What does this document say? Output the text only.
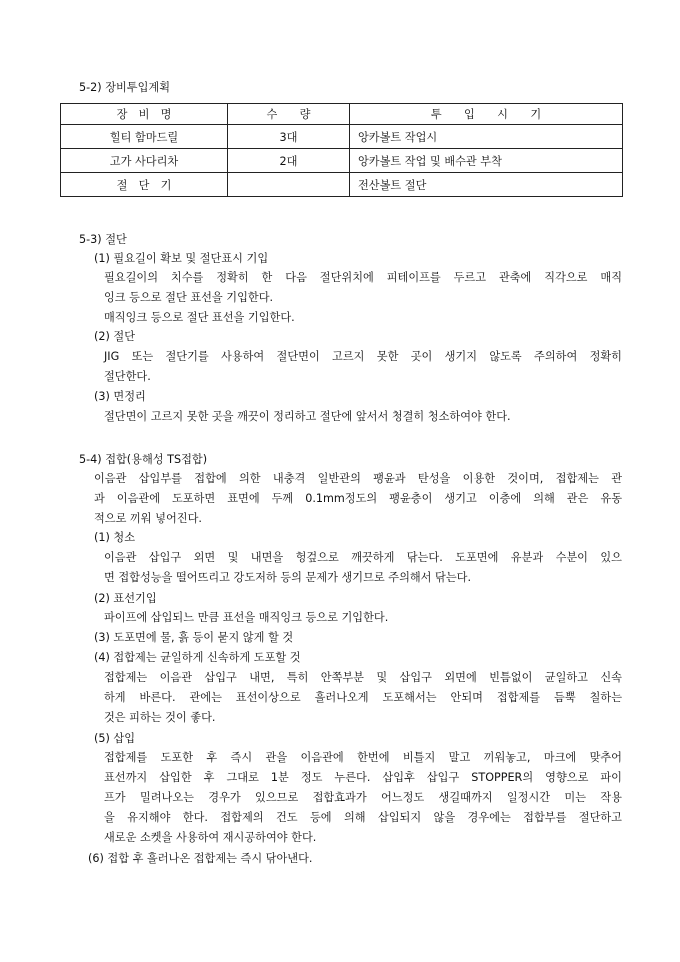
5-2) 장비투입계획
장　비　명	수　　량	투　　입　　시　　기
힐티 함마드릴	3대	앙카볼트 작업시
고가 사다리차	2대	앙카볼트 작업 및 배수관 부착
절　단　기		전산볼트 절단
5-3) 절단
(1) 필요길이 확보 및 절단표시 기입
필요길이의 치수를 정확히 한 다음 절단위치에 피테이프를 두르고 관축에 직각으로 매직
잉크 등으로 절단 표선을 기입한다.
매직잉크 등으로 절단 표선을 기입한다.
(2) 절단
JIG 또는 절단기를 사용하여 절단면이 고르지 못한 곳이 생기지 않도록 주의하여 정확히
절단한다.
(3) 면정리
절단면이 고르지 못한 곳을 깨끗이 정리하고 절단에 앞서서 청결히 청소하여야 한다.
5-4) 접합(용해성 TS접합)
이음관 삽입부를 접합에 의한 내충격 일반관의 팽윤과 탄성을 이용한 것이며, 접합제는 관
과 이음관에 도포하면 표면에 두께 0.1mm정도의 팽윤층이 생기고 이층에 의해 관은 유동
적으로 끼워 넣어진다.
(1) 청소
이음관 삽입구 외면 및 내면을 헝겊으로 깨끗하게 닦는다. 도포면에 유분과 수분이 있으
면 접합성능을 떨어뜨리고 강도저하 등의 문제가 생기므로 주의해서 닦는다.
(2) 표선기입
파이프에 삽입되느 만큼 표선을 매직잉크 등으로 기입한다.
(3) 도포면에 물, 흙 등이 묻지 않게 할 것
(4) 접합제는 균일하게 신속하게 도포할 것
접합제는 이음관 삽입구 내면, 특히 안쪽부분 및 삽입구 외면에 빈틈없이 균일하고 신속
하게 바른다. 관에는 표선이상으로 흘러나오게 도포해서는 안되며 접합제를 듬뿍 칠하는
것은 피하는 것이 좋다.
(5) 삽입
접합제를 도포한 후 즉시 관을 이음관에 한번에 비틀지 말고 끼워놓고, 마크에 맞추어
표선까지 삽입한 후 그대로 1분 정도 누른다. 삽입후 삽입구 STOPPER의 영향으로 파이
프가 밀려나오는 경우가 있으므로 접합효과가 어느정도 생길때까지 일정시간 미는 작용
을 유지해야 한다. 접합제의 건도 등에 의해 삽입되지 않을 경우에는 접합부를 절단하고
새로운 소켓을 사용하여 재시공하여야 한다.
(6) 접합 후 흘러나온 접합제는 즉시 닦아낸다.
